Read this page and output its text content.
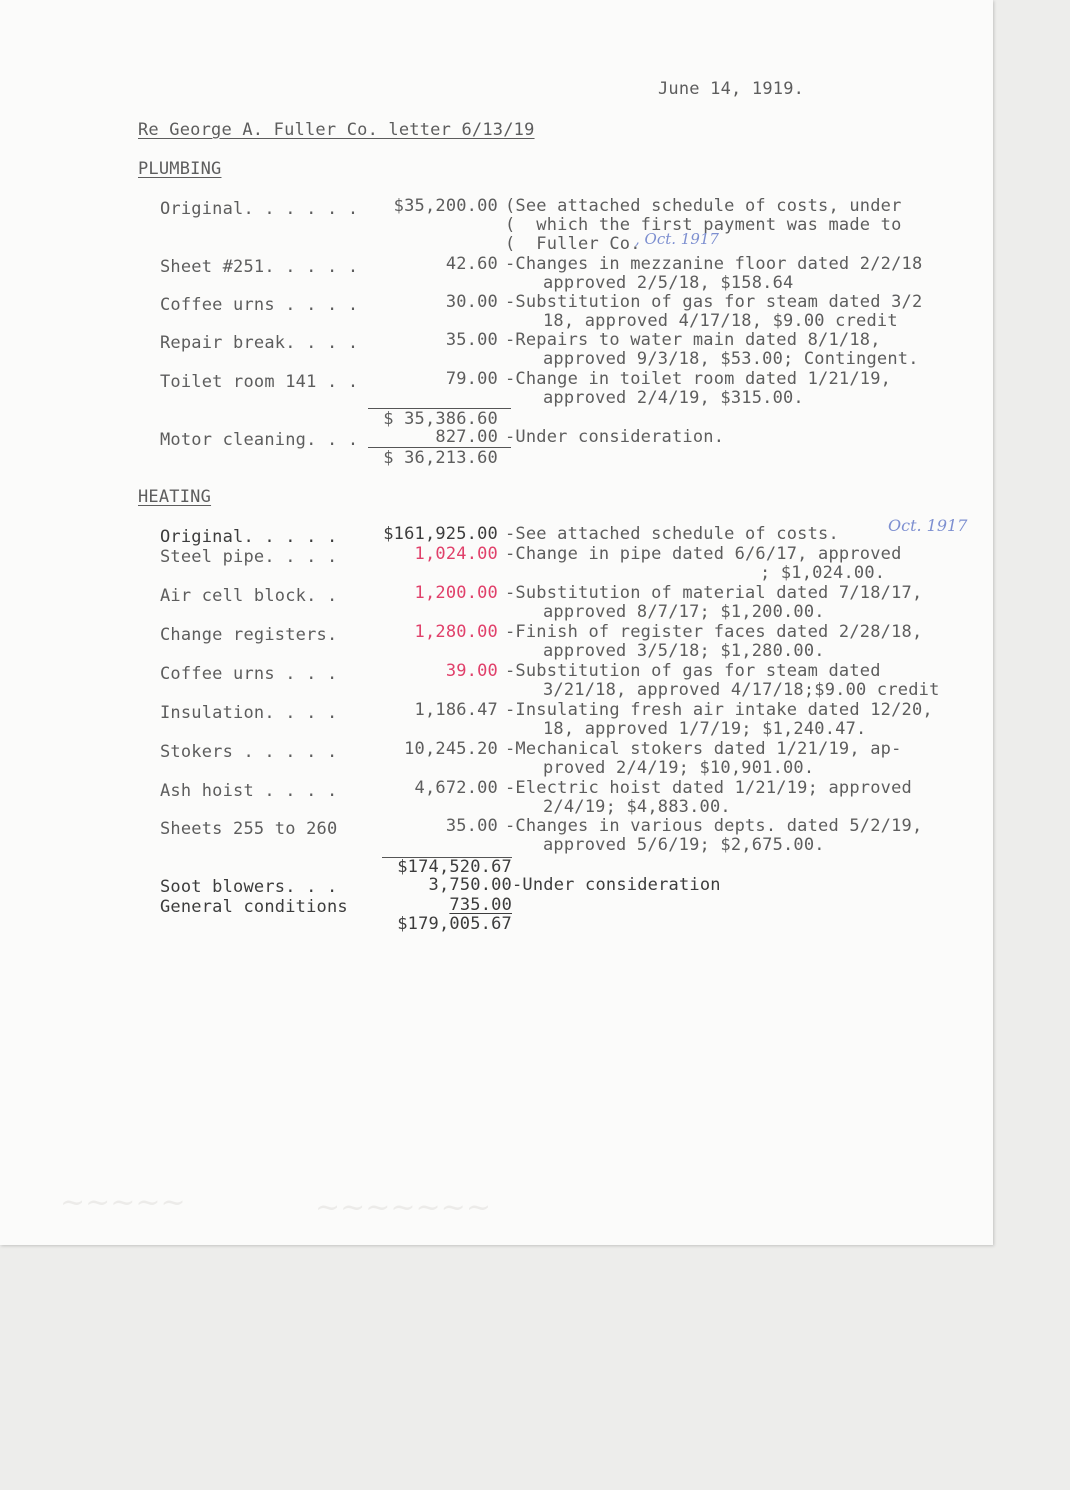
June 14, 1919.
Re George A. Fuller Co. letter 6/13/19
PLUMBING
Original. . . . . .	$35,200.00 (See attached schedule of costs, under
(  which the first payment was made to
(  Fuller Co.
, Oct. 1917
Sheet #251. . . . .	42.60 -Changes in mezzanine floor dated 2/2/18
approved 2/5/18, $158.64
Coffee urns . . . .	30.00 -Substitution of gas for steam dated 3/2
18, approved 4/17/18, $9.00 credit
Repair break. . . .	35.00 -Repairs to water main dated 8/1/18,
approved 9/3/18, $53.00; Contingent.
Toilet room 141 . .	79.00 -Change in toilet room dated 1/21/19,
approved 2/4/19, $315.00.
$ 35,386.60
Motor cleaning. . .	827.00 -Under consideration.
$ 36,213.60
HEATING
Original. . . . .	$161,925.00 -See attached schedule of costs.	Oct. 1917
Steel pipe. . . .	1,024.00 -Change in pipe dated 6/6/17, approved
; $1,024.00.
Air cell block. .	1,200.00 -Substitution of material dated 7/18/17,
approved 8/7/17; $1,200.00.
Change registers.	1,280.00 -Finish of register faces dated 2/28/18,
approved 3/5/18; $1,280.00.
Coffee urns . . .	39.00 -Substitution of gas for steam dated
3/21/18, approved 4/17/18;$9.00 credit
Insulation. . . .	1,186.47 -Insulating fresh air intake dated 12/20,
18, approved 1/7/19; $1,240.47.
Stokers . . . . .	10,245.20 -Mechanical stokers dated 1/21/19, ap-
proved 2/4/19; $10,901.00.
Ash hoist . . . .	4,672.00 -Electric hoist dated 1/21/19; approved
2/4/19; $4,883.00.
Sheets 255 to 260	35.00 -Changes in various depts. dated 5/2/19,
approved 5/6/19; $2,675.00.
$174,520.67
Soot blowers. . .	3,750.00 -Under consideration
General conditions	735.00
$179,005.67
~~~~~	~~~~~~~
